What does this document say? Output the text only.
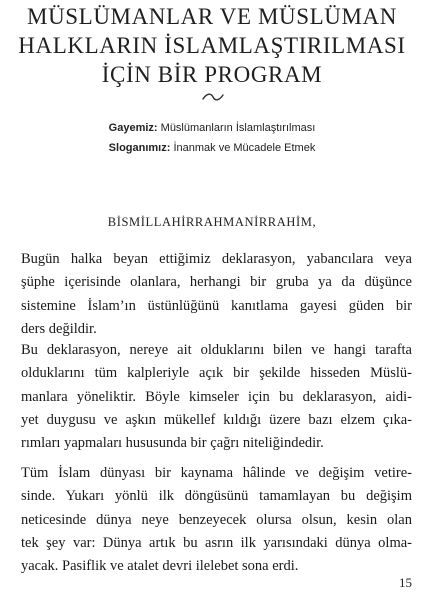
MÜSLÜMANLAR VE MÜSLÜMAN
HALKLARIN İSLAMLAŞTIRILMASI
İÇİN BİR PROGRAM
Gayemiz: Müslümanların İslamlaştırılması
Sloganımız: İnanmak ve Mücadele Etmek
BİSMİLLAHİRRAHMANİRRAHİM,
Bugün halka beyan ettiğimiz deklarasyon, yabancılara veya
şüphe içerisinde olanlara, herhangi bir gruba ya da düşünce
sistemine İslam’ın üstünlüğünü kanıtlama gayesi güden bir
ders değildir.
Bu deklarasyon, nereye ait olduklarını bilen ve hangi tarafta
olduklarını tüm kalpleriyle açık bir şekilde hisseden Müslü-
manlara yöneliktir. Böyle kimseler için bu deklarasyon, aidi-
yet duygusu ve aşkın mükellef kıldığı üzere bazı elzem çıka-
rımları yapmaları hususunda bir çağrı niteliğindedir.
Tüm İslam dünyası bir kaynama hâlinde ve değişim vetire-
sinde. Yukarı yönlü ilk döngüsünü tamamlayan bu değişim
neticesinde dünya neye benzeyecek olursa olsun, kesin olan
tek şey var: Dünya artık bu asrın ilk yarısındaki dünya olma-
yacak. Pasiflik ve atalet devri ilelebet sona erdi.
15
